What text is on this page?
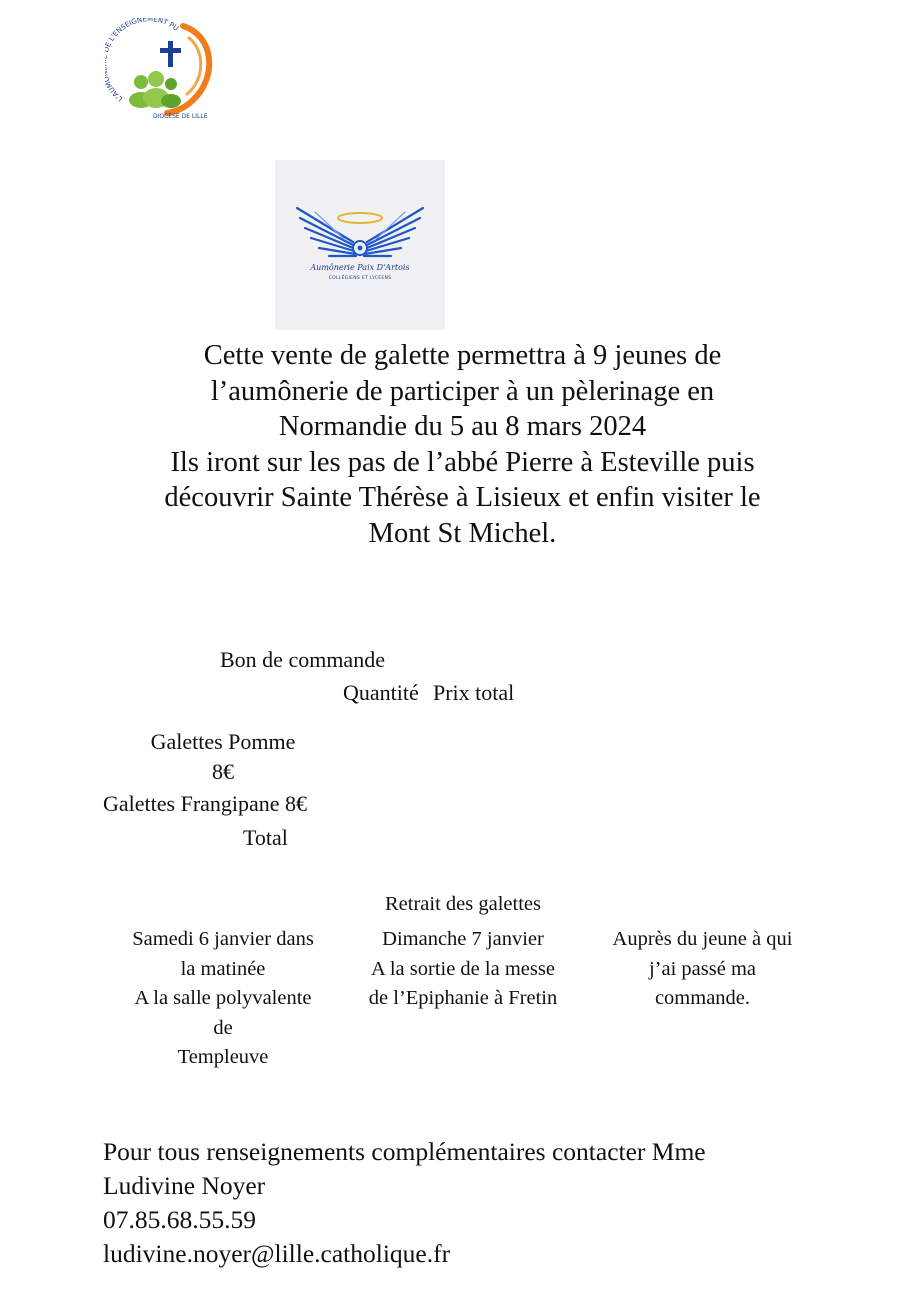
L'AUM L'ENSEIGNEMENT PU
DIOCÈSE DE LILLE
Aumônerie Paix D'Artois
COLLÉGIENS ET LYCÉENS

Cette vente de galette permettra à 9 jeunes de

l’aumônerie de participer à un pèlerinage en

Normandie du 5 au 8 mars 2024

Ils iront sur les pas de l’abbé Pierre à Esteville puis

découvrir Sainte Thérèse à Lisieux et enfin visiter le

Mont St Michel.

Bon de commande
Quantité Prix total
Galettes Pomme
8€
Galettes Frangipane 8€
Total
Retrait des galettes
Samedi 6 janvier dans
la matinée
A la salle polyvalente
de
Templeuve
Dimanche 7 janvier
A la sortie de la messe
de l’Epiphanie à Fretin
Auprès du jeune à qui
j’ai passé ma
commande.
Pour tous renseignements complémentaires contacter Mme
Ludivine Noyer
07.85.68.55.59
ludivine.noyer@lille.catholique.fr
